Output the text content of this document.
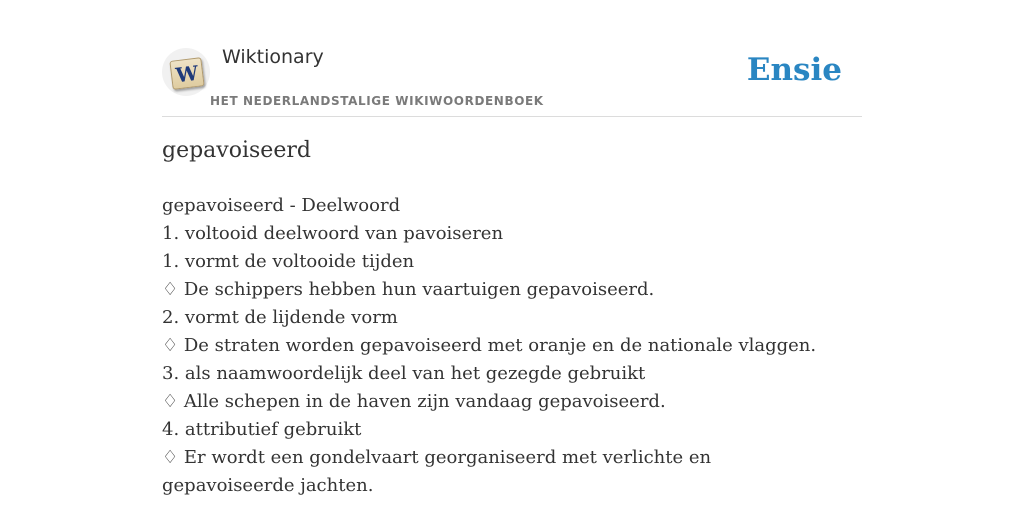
W
Wiktionary
HET NEDERLANDSTALIGE WIKIWOORDENBOEK
Ensie
gepavoiseerd
gepavoiseerd - Deelwoord
1. voltooid deelwoord van pavoiseren
1. vormt de voltooide tijden
♢ De schippers hebben hun vaartuigen gepavoiseerd.
2. vormt de lijdende vorm
♢ De straten worden gepavoiseerd met oranje en de nationale vlaggen.
3. als naamwoordelijk deel van het gezegde gebruikt
♢ Alle schepen in de haven zijn vandaag gepavoiseerd.
4. attributief gebruikt
♢ Er wordt een gondelvaart georganiseerd met verlichte en gepavoiseerde jachten.
